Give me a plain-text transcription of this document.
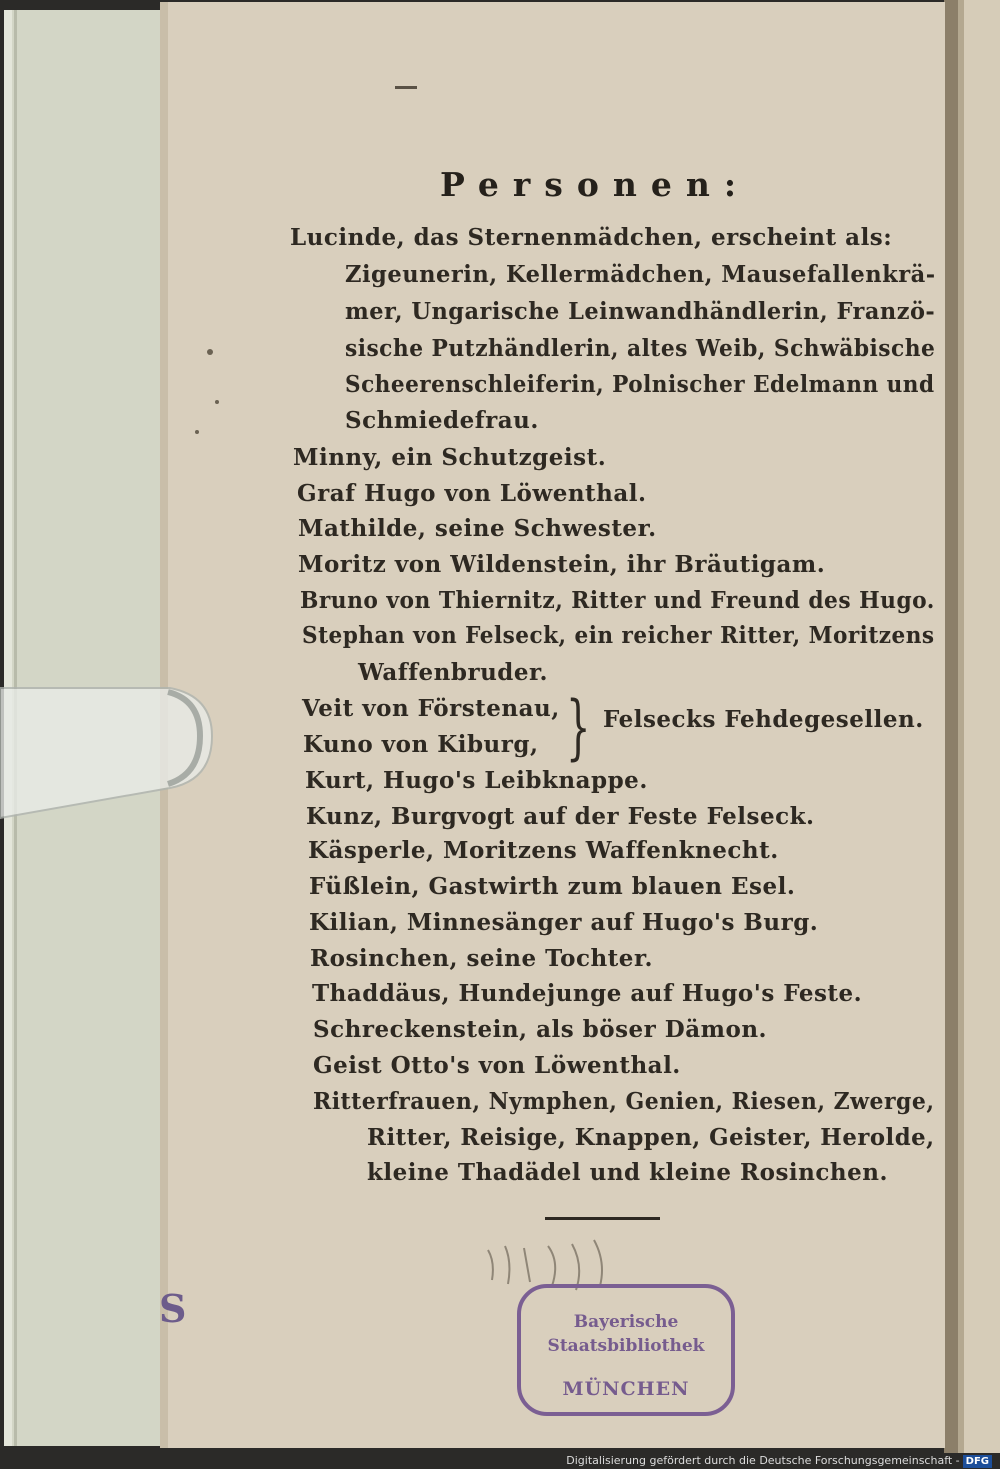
S

Personen:

Lucinde, das Sternenmädchen, erscheint als:

Zigeunerin, Kellermädchen, Mausefallenkrä-

mer, Ungarische Leinwandhändlerin, Franzö-

sische Putzhändlerin, altes Weib, Schwäbische

Scheerenschleiferin, Polnischer Edelmann und

Schmiedefrau.

Minny, ein Schutzgeist.

Graf Hugo von Löwenthal.

Mathilde, seine Schwester.

Moritz von Wildenstein, ihr Bräutigam.

Bruno von Thiernitz, Ritter und Freund des Hugo.

Stephan von Felseck, ein reicher Ritter, Moritzens

Waffenbruder.

Veit von Förstenau,

Kuno von Kiburg, } Felsecks Fehdegesellen.

Kurt, Hugo's Leibknappe.

Kunz, Burgvogt auf der Feste Felseck.

Käsperle, Moritzens Waffenknecht.

Füßlein, Gastwirth zum blauen Esel.

Kilian, Minnesänger auf Hugo's Burg.

Rosinchen, seine Tochter.

Thaddäus, Hundejunge auf Hugo's Feste.

Schreckenstein, als böser Dämon.

Geist Otto's von Löwenthal.

Ritterfrauen, Nymphen, Genien, Riesen, Zwerge,

Ritter, Reisige, Knappen, Geister, Herolde,

kleine Thadädel und kleine Rosinchen.

Bayerische

Staatsbibliothek

MÜNCHEN

Digitalisierung gefördert durch die Deutsche Forschungsgemeinschaft - DFG
